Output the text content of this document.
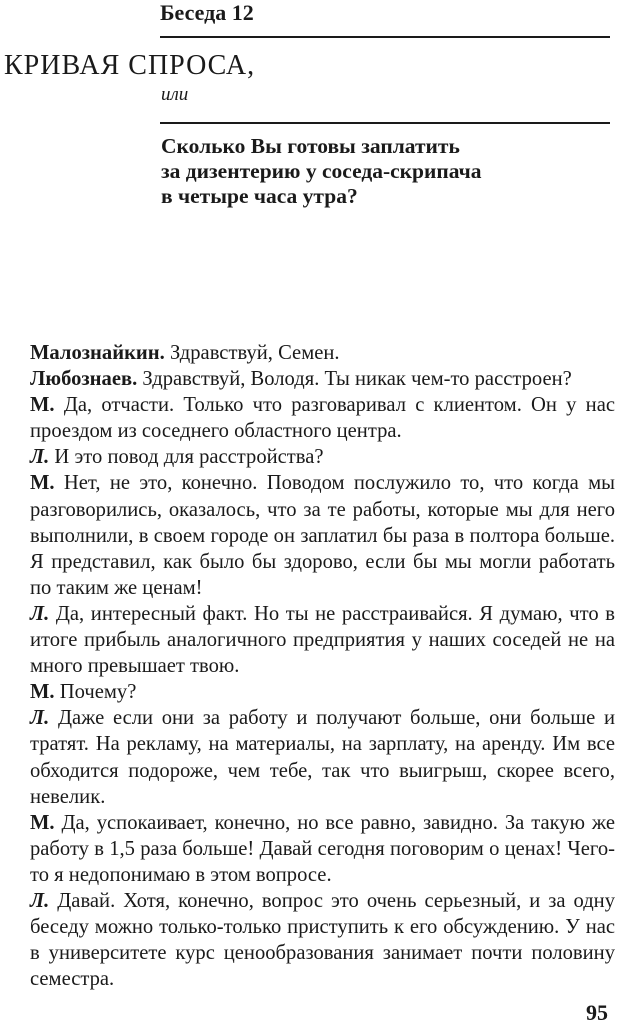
Беседа 12
КРИВАЯ СПРОСА,
или
Сколько Вы готовы заплатить
за дизентерию у соседа-скрипача
в четыре часа утра?

Малознайкин. Здравствуй, Семен.

Любознаев. Здравствуй, Володя. Ты никак чем-то расстроен?

М. Да, отчасти. Только что разговаривал с клиентом. Он у нас проездом из соседнего областного центра.

Л. И это повод для расстройства?

М. Нет, не это, конечно. Поводом послужило то, что когда мы разговорились, оказалось, что за те работы, которые мы для него выполнили, в своем городе он заплатил бы раза в полтора больше. Я представил, как было бы здорово, если бы мы могли работать по таким же ценам!

Л. Да, интересный факт. Но ты не расстраивайся. Я думаю, что в итоге прибыль аналогичного предприятия у наших соседей не на много превышает твою.

М. Почему?

Л. Даже если они за работу и получают больше, они больше и тратят. На рекламу, на материалы, на зарплату, на аренду. Им все обходится подороже, чем тебе, так что выигрыш, скорее всего, невелик.

М. Да, успокаивает, конечно, но все равно, завидно. За такую же работу в 1,5 раза больше! Давай сегодня поговорим о ценах! Чего-то я недопонимаю в этом вопросе.

Л. Давай. Хотя, конечно, вопрос это очень серьезный, и за одну беседу можно только-только приступить к его обсуждению. У нас в университете курс ценообразования занимает почти половину семестра.

95
